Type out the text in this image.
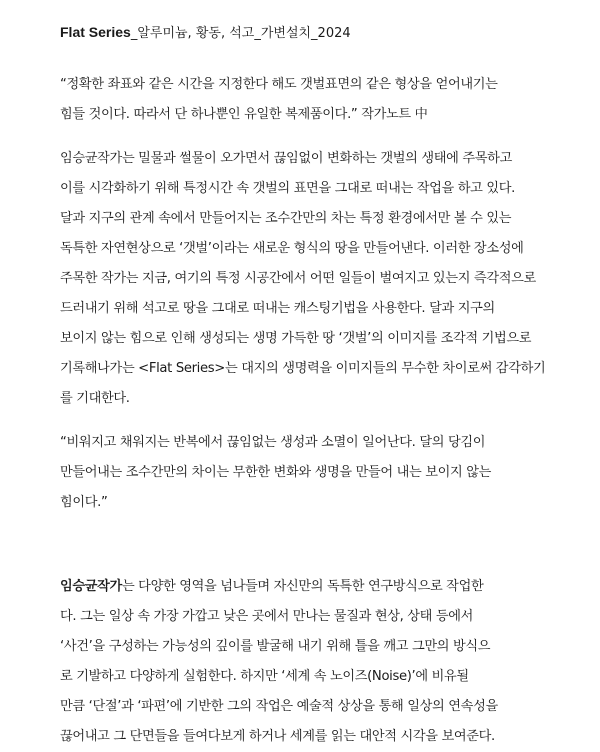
Flat Series_알루미늄, 황동, 석고_가변설치_2024
“정확한 좌표와 같은 시간을 지정한다 해도 갯벌표면의 같은 형상을 얻어내기는
힘들 것이다. 따라서 단 하나뿐인 유일한 복제품이다.” 작가노트 中
임승균작가는 밀물과 썰물이 오가면서 끊임없이 변화하는 갯벌의 생태에 주목하고
이를 시각화하기 위해 특정시간 속 갯벌의 표면을 그대로 떠내는 작업을 하고 있다.
달과 지구의 관계 속에서 만들어지는 조수간만의 차는 특정 환경에서만 볼 수 있는
독특한 자연현상으로 ‘갯벌’이라는 새로운 형식의 땅을 만들어낸다. 이러한 장소성에
주목한 작가는 지금, 여기의 특정 시공간에서 어떤 일들이 벌여지고 있는지 즉각적으로
드러내기 위해 석고로 땅을 그대로 떠내는 캐스팅기법을 사용한다. 달과 지구의
보이지 않는 힘으로 인해 생성되는 생명 가득한 땅 ‘갯벌’의 이미지를 조각적 기법으로
기록해나가는 <Flat Series>는 대지의 생명력을 이미지들의 무수한 차이로써 감각하기
를 기대한다.
“비워지고 채워지는 반복에서 끊임없는 생성과 소멸이 일어난다. 달의 당김이
만들어내는 조수간만의 차이는 무한한 변화와 생명을 만들어 내는 보이지 않는
힘이다.”
임승균작가는 다양한 영역을 넘나들며 자신만의 독특한 연구방식으로 작업한
다. 그는 일상 속 가장 가깝고 낮은 곳에서 만나는 물질과 현상, 상태 등에서
‘사건’을 구성하는 가능성의 깊이를 발굴해 내기 위해 틀을 깨고 그만의 방식으
로 기발하고 다양하게 실험한다. 하지만 ‘세계 속 노이즈(Noise)’에 비유될
만큼 ‘단절’과 ‘파편’에 기반한 그의 작업은 예술적 상상을 통해 일상의 연속성을
끊어내고 그 단면들을 들여다보게 하거나 세계를 읽는 대안적 시각을 보여준다.
